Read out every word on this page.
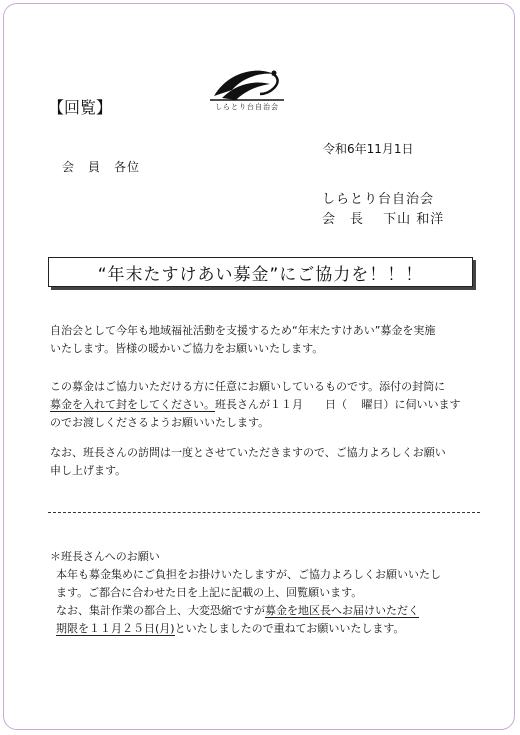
しらとり台自治会
【回覧】
令和6年11月1日
会　員　各位
しらとり台自治会
会　長　 下山 和洋
“年末たすけあい募金”にご協力を！！！
自治会として今年も地域福祉活動を支援するため“年末たすけあい”募金を実施
いたします。皆様の暖かいご協力をお願いいたします。
この募金はご協力いただける方に任意にお願いしているものです。添付の封筒に
募金を入れて封をしてください。班長さんが１１月　　日（　 曜日）に伺いいます
のでお渡しくださるようお願いいたします。
なお、班長さんの訪問は一度とさせていただきますので、ご協力よろしくお願い
申し上げます。
＊班長さんへのお願い
本年も募金集めにご負担をお掛けいたしますが、ご協力よろしくお願いいたし
ます。ご都合に合わせた日を上記に記載の上、回覧願います。
なお、集計作業の都合上、大変恐縮ですが募金を地区長へお届けいただく
期限を１１月２５日(月)といたしましたので重ねてお願いいたします。
